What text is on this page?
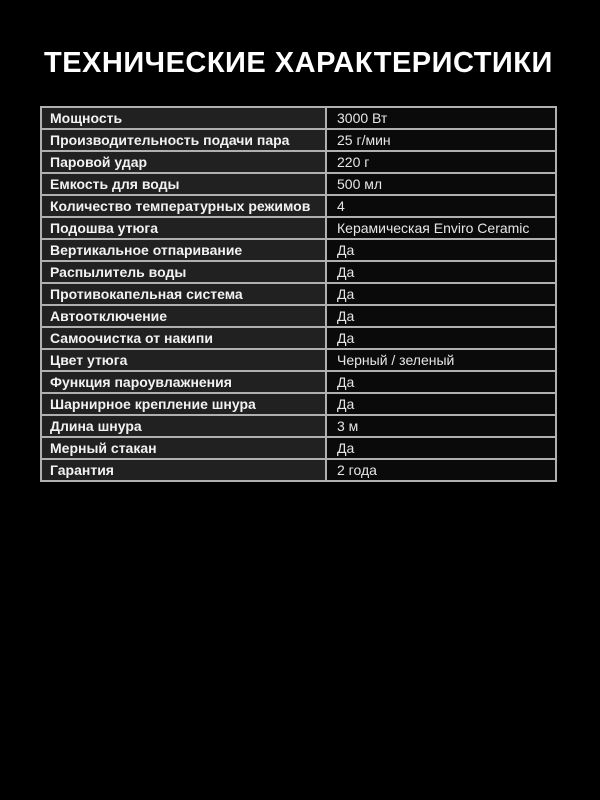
ТЕХНИЧЕСКИЕ ХАРАКТЕРИСТИКИ
Мощность	3000 Вт
Производительность подачи пара	25 г/мин
Паровой удар	220 г
Емкость для воды	500 мл
Количество температурных режимов	4
Подошва утюга	Керамическая Enviro Ceramic
Вертикальное отпаривание	Да
Распылитель воды	Да
Противокапельная система	Да
Автоотключение	Да
Самоочистка от накипи	Да
Цвет утюга	Черный / зеленый
Функция пароувлажнения	Да
Шарнирное крепление шнура	Да
Длина шнура	3 м
Мерный стакан	Да
Гарантия	2 года
